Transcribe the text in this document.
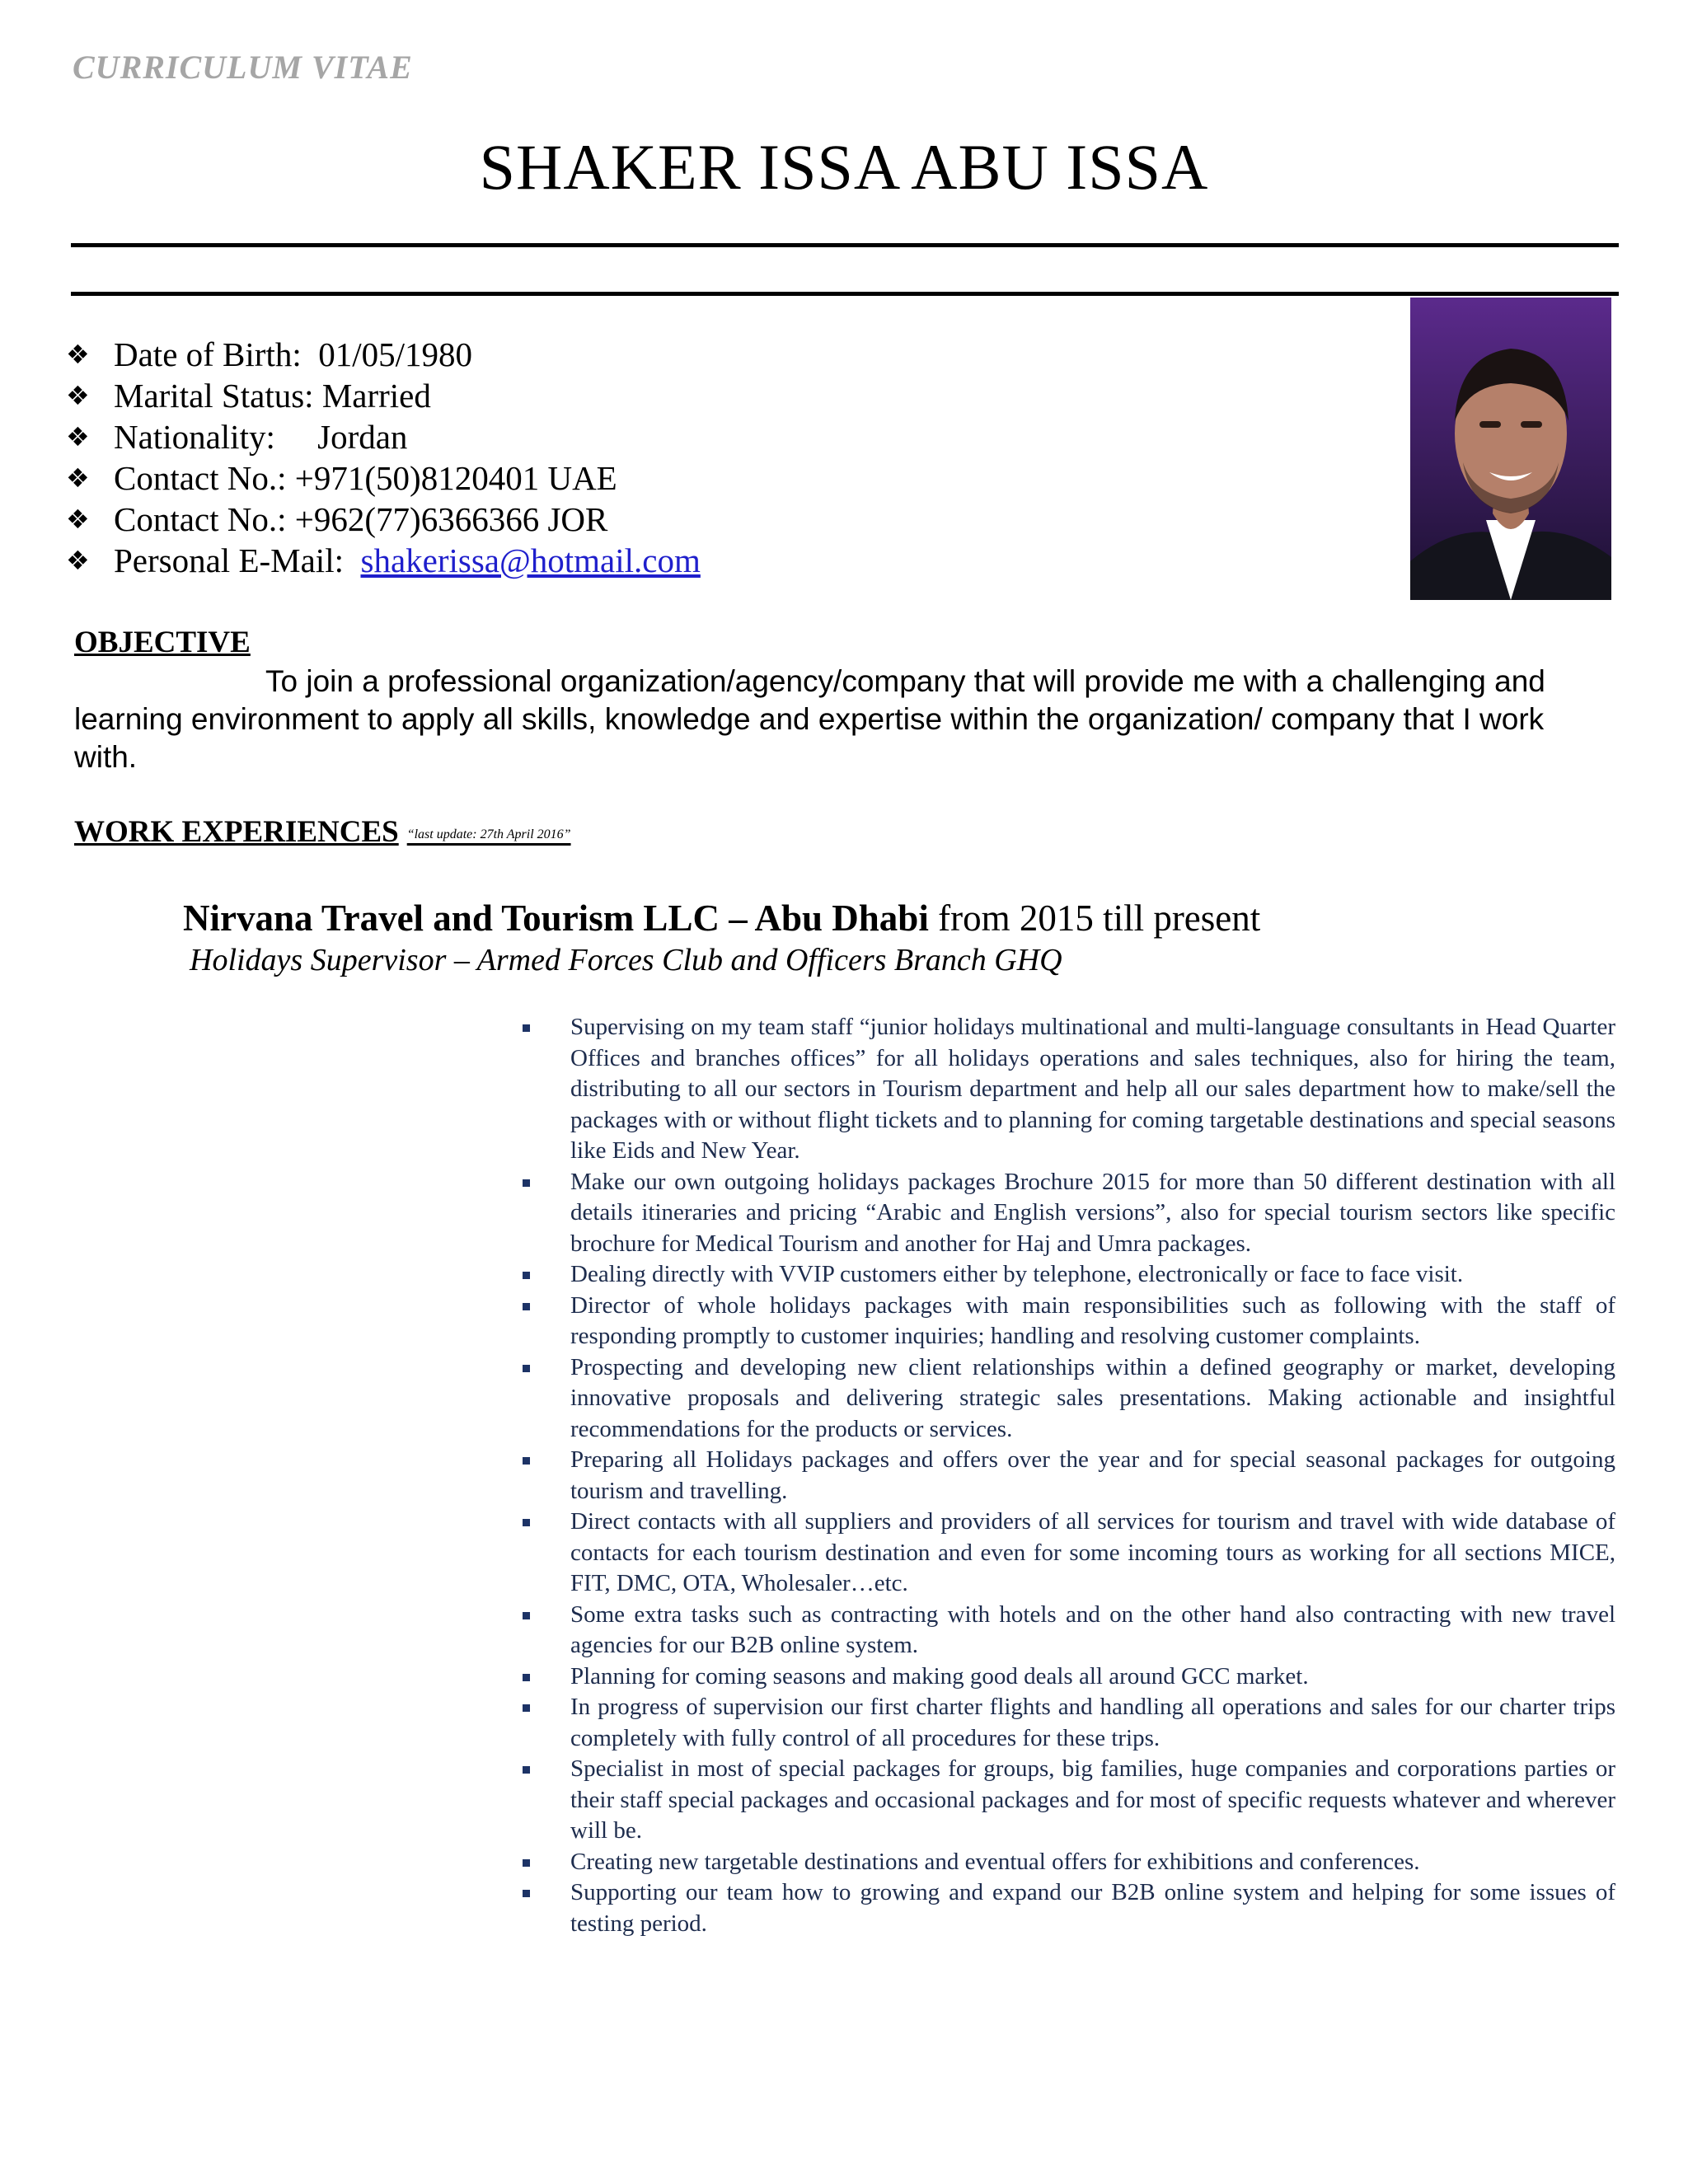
CURRICULUM VITAE
SHAKER ISSA ABU ISSA
❖ Date of Birth: 01/05/1980
❖ Marital Status: Married
❖ Nationality: Jordan
❖ Contact No.: +971(50)8120401 UAE
❖ Contact No.: +962(77)6366366 JOR
❖ Personal E-Mail: shakerissa@hotmail.com
OBJECTIVE

To join a professional organization/agency/company that will provide me with a challenging and learning environment to apply all skills, knowledge and expertise within the organization/ company that I work with.

WORK EXPERIENCES “last update: 27th April 2016”
Nirvana Travel and Tourism LLC – Abu Dhabi from 2015 till present
Holidays Supervisor – Armed Forces Club and Officers Branch GHQ
Supervising on my team staff “junior holidays multinational and multi-language consultants in Head Quarter Offices and branches offices” for all holidays operations and sales techniques, also for hiring the team, distributing to all our sectors in Tourism department and help all our sales department how to make/sell the packages with or without flight tickets and to planning for coming targetable destinations and special seasons like Eids and New Year.
Make our own outgoing holidays packages Brochure 2015 for more than 50 different destination with all details itineraries and pricing “Arabic and English versions”, also for special tourism sectors like specific brochure for Medical Tourism and another for Haj and Umra packages.
Dealing directly with VVIP customers either by telephone, electronically or face to face visit.
Director of whole holidays packages with main responsibilities such as following with the staff of responding promptly to customer inquiries; handling and resolving customer complaints.
Prospecting and developing new client relationships within a defined geography or market, developing innovative proposals and delivering strategic sales presentations. Making actionable and insightful recommendations for the products or services.
Preparing all Holidays packages and offers over the year and for special seasonal packages for outgoing tourism and travelling.
Direct contacts with all suppliers and providers of all services for tourism and travel with wide database of contacts for each tourism destination and even for some incoming tours as working for all sections MICE, FIT, DMC, OTA, Wholesaler…etc.
Some extra tasks such as contracting with hotels and on the other hand also contracting with new travel agencies for our B2B online system.
Planning for coming seasons and making good deals all around GCC market.
In progress of supervision our first charter flights and handling all operations and sales for our charter trips completely with fully control of all procedures for these trips.
Specialist in most of special packages for groups, big families, huge companies and corporations parties or their staff special packages and occasional packages and for most of specific requests whatever and wherever will be.
Creating new targetable destinations and eventual offers for exhibitions and conferences.
Supporting our team how to growing and expand our B2B online system and helping for some issues of testing period.
